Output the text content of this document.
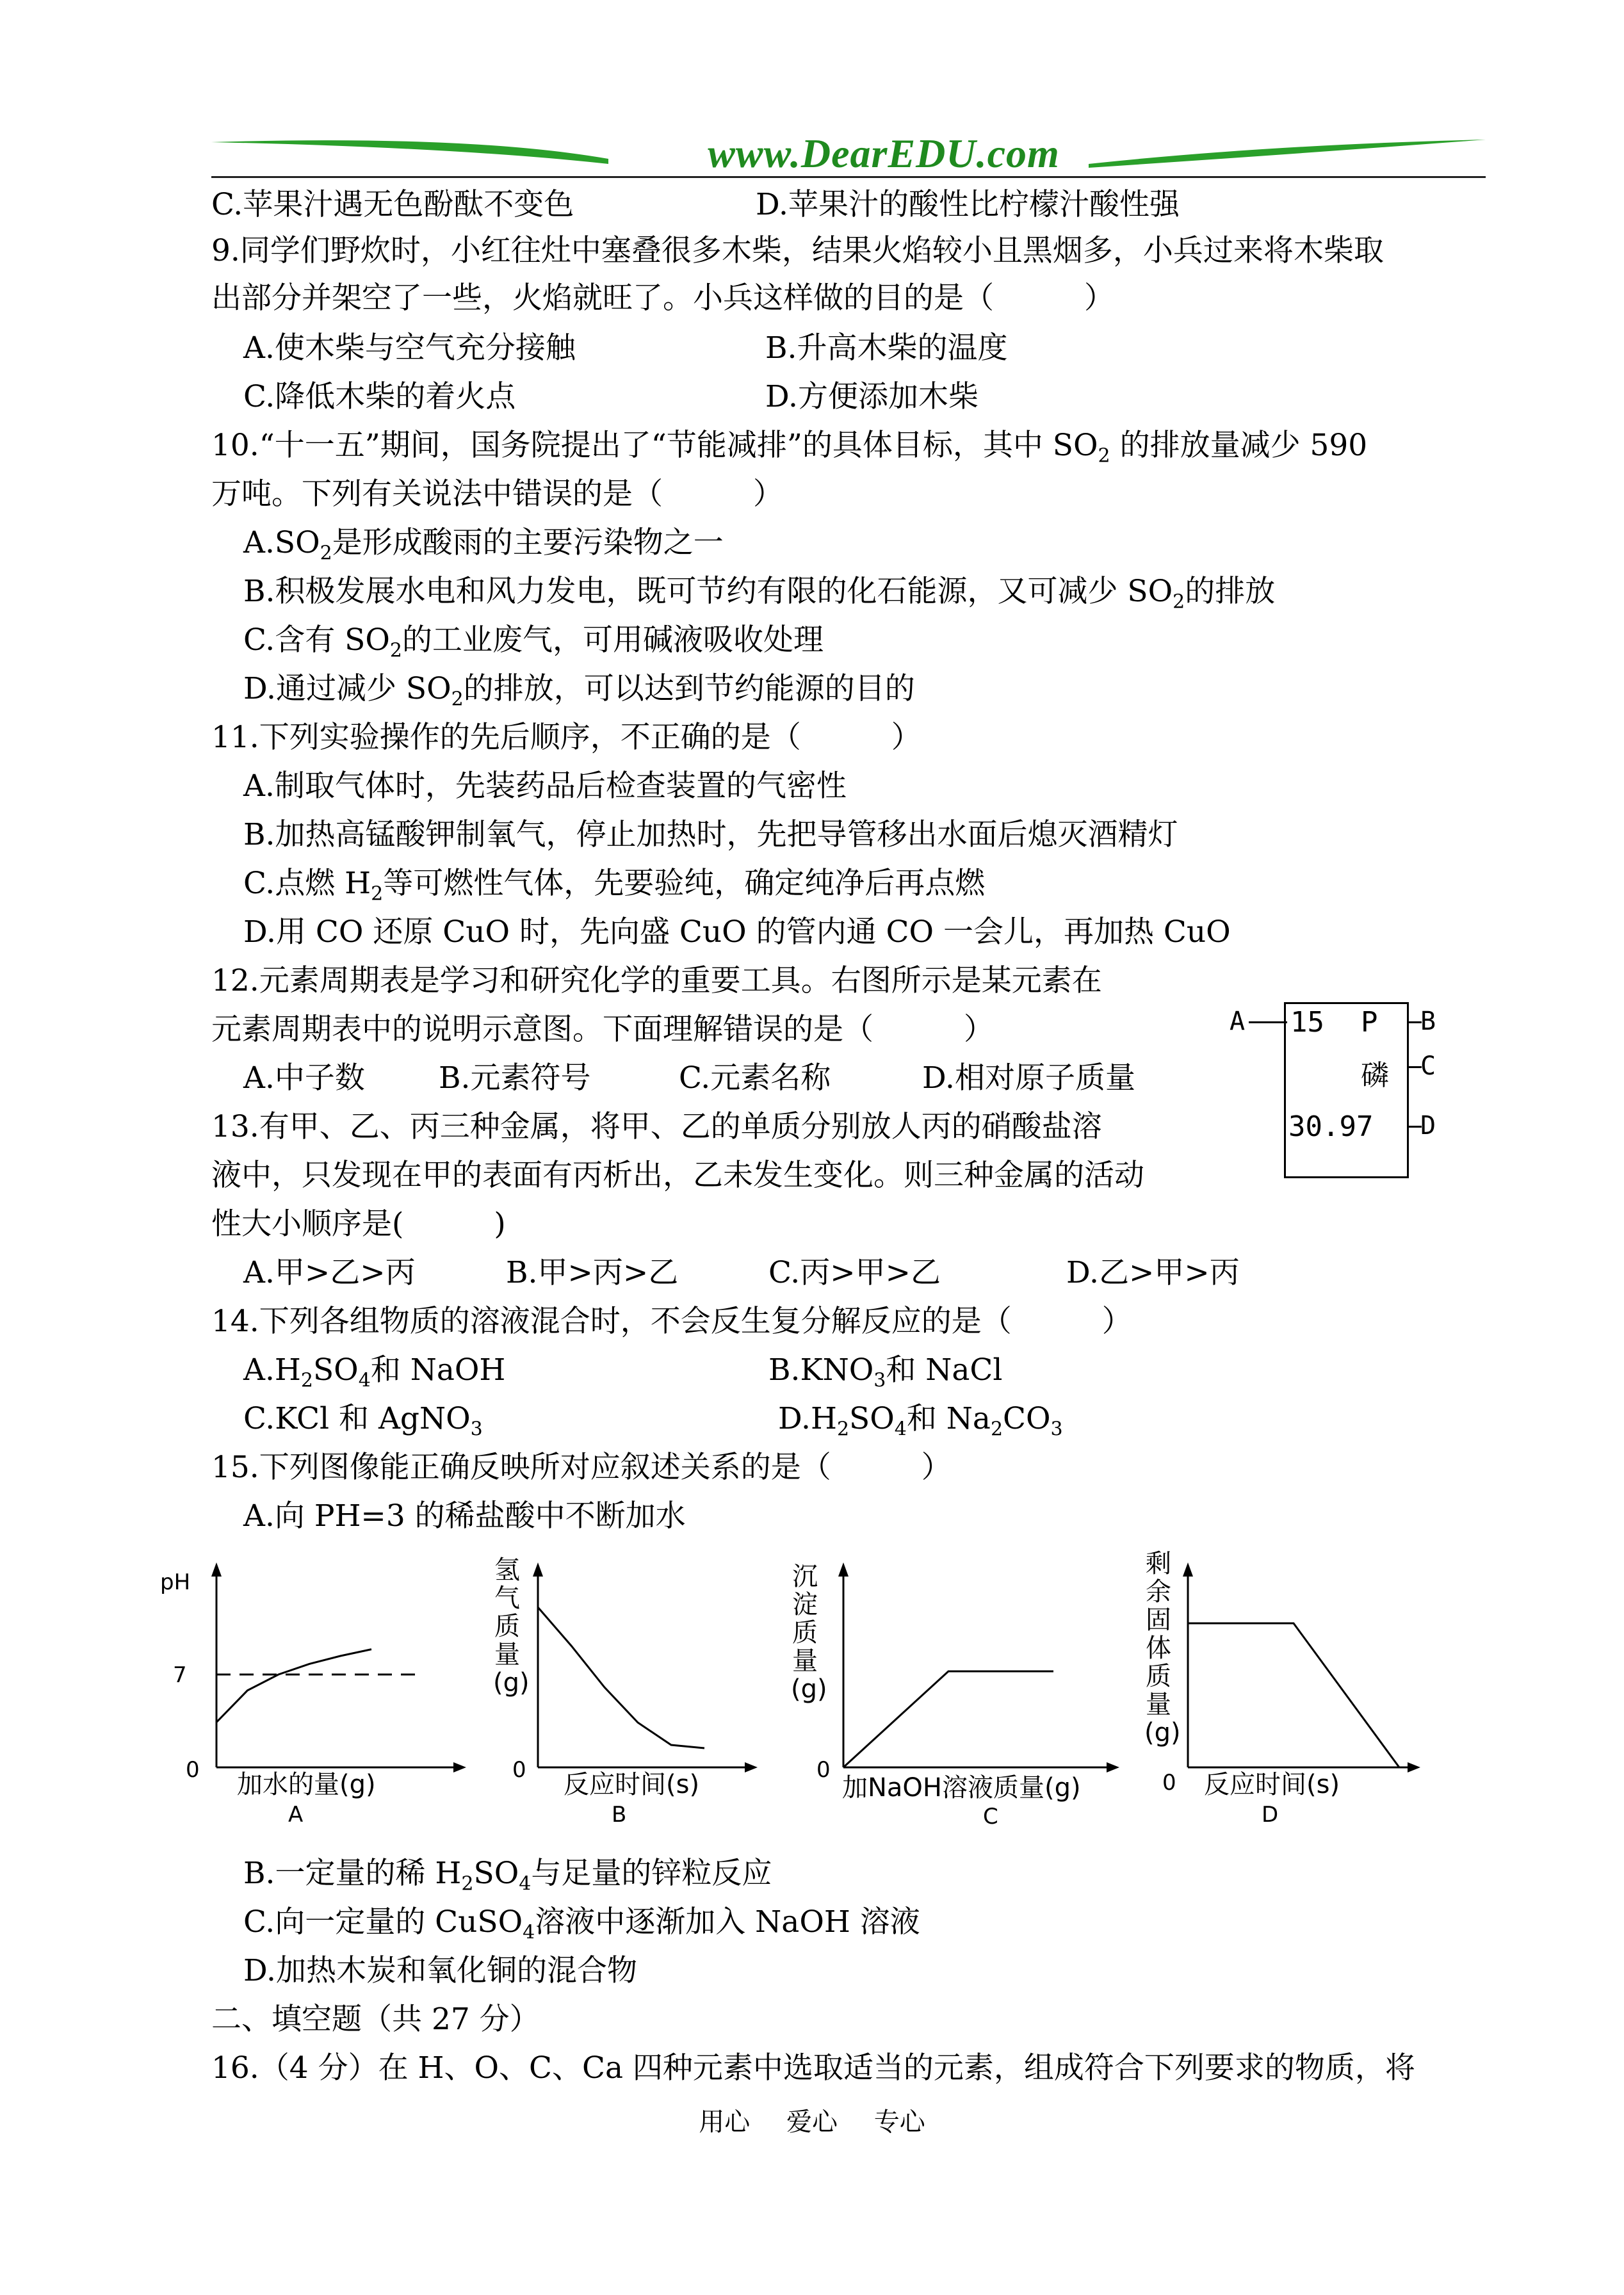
www.DearEDU.com
C.苹果汁遇无色酚酞不变色	D.苹果汁的酸性比柠檬汁酸性强
9.同学们野炊时，小红往灶中塞叠很多木柴，结果火焰较小且黑烟多，小兵过来将木柴取
出部分并架空了一些，火焰就旺了。小兵这样做的目的是（　　　）
A.使木柴与空气充分接触	B.升高木柴的温度
C.降低木柴的着火点	D.方便添加木柴
10.“十一五”期间，国务院提出了“节能减排”的具体目标，其中 $SO_2$ 的排放量减少 590
万吨。下列有关说法中错误的是（　　　）
$A.SO_2$是形成酸雨的主要污染物之一
B.积极发展水电和风力发电，既可节约有限的化石能源，又可减少 $SO_2$的排放
C.含有 $SO_2$的工业废气，可用碱液吸收处理
D.通过减少 $SO_2$的排放，可以达到节约能源的目的
11.下列实验操作的先后顺序，不正确的是（　　　）
A.制取气体时，先装药品后检查装置的气密性
B.加热高锰酸钾制氧气，停止加热时，先把导管移出水面后熄灭酒精灯
C.点燃 $H_2$等可燃性气体，先要验纯，确定纯净后再点燃
D.用 CO 还原 CuO 时，先向盛 CuO 的管内通 CO 一会儿，再加热 CuO
12.元素周期表是学习和研究化学的重要工具。右图所示是某元素在
元素周期表中的说明示意图。下面理解错误的是（　　　）
A.中子数 B.元素符号	C.元素名称	D.相对原子质量
13.有甲、乙、丙三种金属，将甲、乙的单质分别放人丙的硝酸盐溶
液中，只发现在甲的表面有丙析出，乙未发生变化。则三种金属的活动
性大小顺序是(　　　)
A.甲>乙>丙	B.甲>丙>乙	C.丙>甲>乙	D.乙>甲>丙
14.下列各组物质的溶液混合时，不会反生复分解反应的是（　　　）
$A.H_2SO_4$和 NaOH	$B.KNO_3$和 NaCl
C.KCl 和 AgNO$_3$	$D.H_2SO_4$和 $Na_2CO_3$
15.下列图像能正确反映所对应叙述关系的是（　　　）
A.向 PH=3 的稀盐酸中不断加水
B.一定量的稀 $H_2SO_4$与足量的锌粒反应
C.向一定量的 CuSO$_4$溶液中逐渐加入 NaOH 溶液
D.加热木炭和氧化铜的混合物
二、填空题（共 27 分）
16.（4 分）在 H、O、C、Ca 四种元素中选取适当的元素，组成符合下列要求的物质，将
A 15 P B
磷 C
30.97 D
pH
7
0 加水的量(g)
A
氢气质量(g)
0 反应时间(s)
B
沉淀质量(g)
0
加NaOH溶液质量(g)
C
剩余固体质量(g)
0 反应时间(s)
D
用心 爱心 专心
